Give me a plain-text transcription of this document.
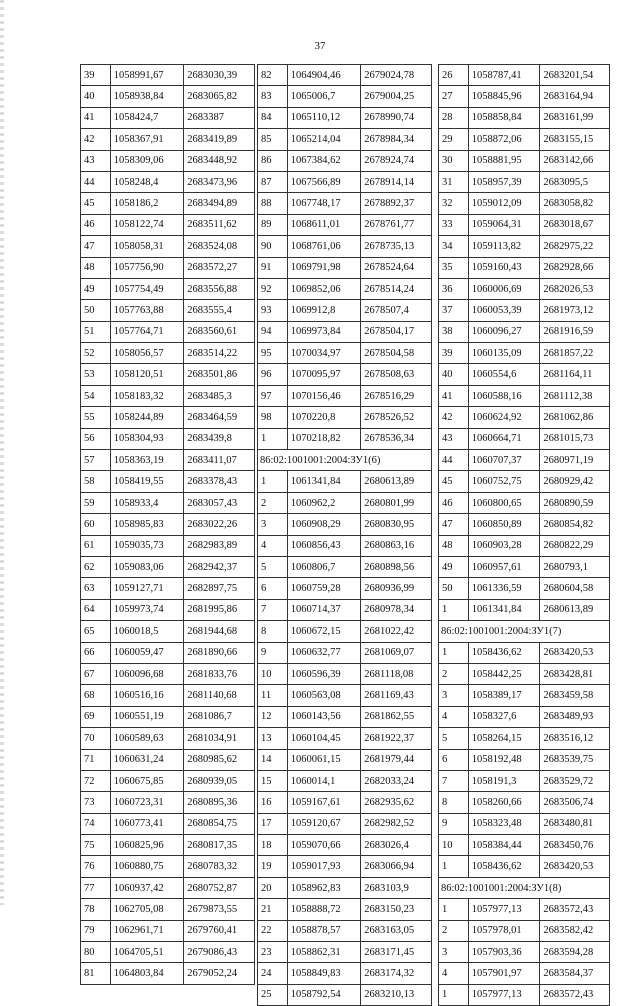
37
39	1058991,67	2683030,39
40	1058938,84	2683065,82
41	1058424,7	2683387
42	1058367,91	2683419,89
43	1058309,06	2683448,92
44	1058248,4	2683473,96
45	1058186,2	2683494,89
46	1058122,74	2683511,62
47	1058058,31	2683524,08
48	1057756,90	2683572,27
49	1057754,49	2683556,88
50	1057763,88	2683555,4
51	1057764,71	2683560,61
52	1058056,57	2683514,22
53	1058120,51	2683501,86
54	1058183,32	2683485,3
55	1058244,89	2683464,59
56	1058304,93	2683439,8
57	1058363,19	2683411,07
58	1058419,55	2683378,43
59	1058933,4	2683057,43
60	1058985,83	2683022,26
61	1059035,73	2682983,89
62	1059083,06	2682942,37
63	1059127,71	2682897,75
64	1059973,74	2681995,86
65	1060018,5	2681944,68
66	1060059,47	2681890,66
67	1060096,68	2681833,76
68	1060516,16	2681140,68
69	1060551,19	2681086,7
70	1060589,63	2681034,91
71	1060631,24	2680985,62
72	1060675,85	2680939,05
73	1060723,31	2680895,36
74	1060773,41	2680854,75
75	1060825,96	2680817,35
76	1060880,75	2680783,32
77	1060937,42	2680752,87
78	1062705,08	2679873,55
79	1062961,71	2679760,41
80	1064705,51	2679086,43
81	1064803,84	2679052,24
82	1064904,46	2679024,78
83	1065006,7	2679004,25
84	1065110,12	2678990,74
85	1065214,04	2678984,34
86	1067384,62	2678924,74
87	1067566,89	2678914,14
88	1067748,17	2678892,37
89	1068611,01	2678761,77
90	1068761,06	2678735,13
91	1069791,98	2678524,64
92	1069852,06	2678514,24
93	1069912,8	2678507,4
94	1069973,84	2678504,17
95	1070034,97	2678504,58
96	1070095,97	2678508,63
97	1070156,46	2678516,29
98	1070220,8	2678526,52
1	1070218,82	2678536,34
86:02:1001001:2004:ЗУ1(6)		
1	1061341,84	2680613,89
2	1060962,2	2680801,99
3	1060908,29	2680830,95
4	1060856,43	2680863,16
5	1060806,7	2680898,56
6	1060759,28	2680936,99
7	1060714,37	2680978,34
8	1060672,15	2681022,42
9	1060632,77	2681069,07
10	1060596,39	2681118,08
11	1060563,08	2681169,43
12	1060143,56	2681862,55
13	1060104,45	2681922,37
14	1060061,15	2681979,44
15	1060014,1	2682033,24
16	1059167,61	2682935,62
17	1059120,67	2682982,52
18	1059070,66	2683026,4
19	1059017,93	2683066,94
20	1058962,83	2683103,9
21	1058888,72	2683150,23
22	1058878,57	2683163,05
23	1058862,31	2683171,45
24	1058849,83	2683174,32
25	1058792,54	2683210,13
26	1058787,41	2683201,54
27	1058845,96	2683164,94
28	1058858,84	2683161,99
29	1058872,06	2683155,15
30	1058881,95	2683142,66
31	1058957,39	2683095,5
32	1059012,09	2683058,82
33	1059064,31	2683018,67
34	1059113,82	2682975,22
35	1059160,43	2682928,66
36	1060006,69	2682026,53
37	1060053,39	2681973,12
38	1060096,27	2681916,59
39	1060135,09	2681857,22
40	1060554,6	2681164,11
41	1060588,16	2681112,38
42	1060624,92	2681062,86
43	1060664,71	2681015,73
44	1060707,37	2680971,19
45	1060752,75	2680929,42
46	1060800,65	2680890,59
47	1060850,89	2680854,82
48	1060903,28	2680822,29
49	1060957,61	2680793,1
50	1061336,59	2680604,58
1	1061341,84	2680613,89
86:02:1001001:2004:ЗУ1(7)		
1	1058436,62	2683420,53
2	1058442,25	2683428,81
3	1058389,17	2683459,58
4	1058327,6	2683489,93
5	1058264,15	2683516,12
6	1058192,48	2683539,75
7	1058191,3	2683529,72
8	1058260,66	2683506,74
9	1058323,48	2683480,81
10	1058384,44	2683450,76
1	1058436,62	2683420,53
86:02:1001001:2004:ЗУ1(8)		
1	1057977,13	2683572,43
2	1057978,01	2683582,42
3	1057903,36	2683594,28
4	1057901,97	2683584,37
1	1057977,13	2683572,43
